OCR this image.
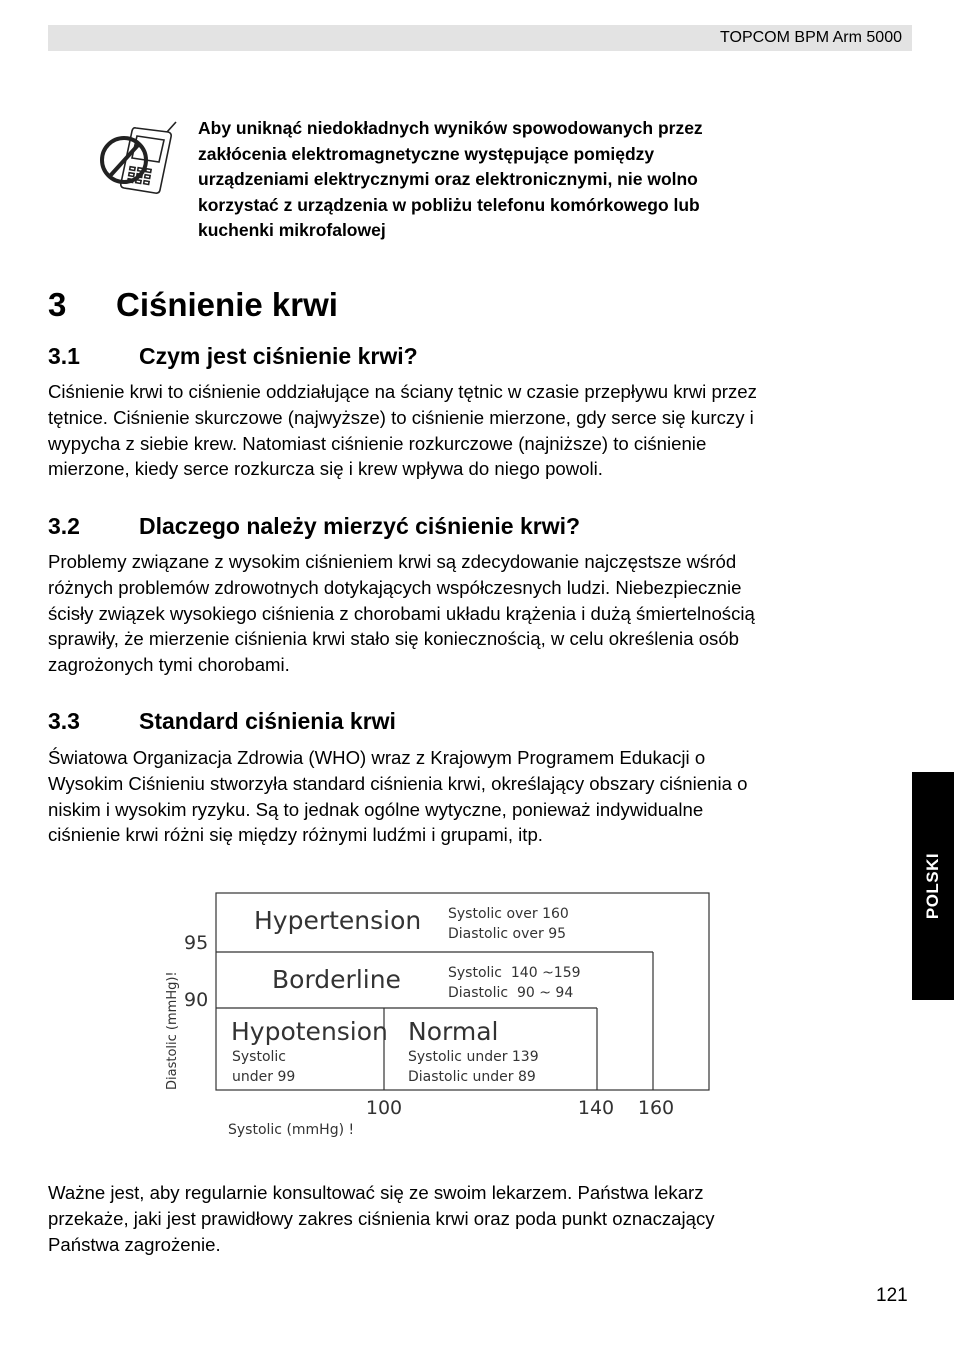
TOPCOM BPM Arm 5000
Aby uniknąć niedokładnych wyników spowodowanych przez
zakłócenia elektromagnetyczne występujące pomiędzy
urządzeniami elektrycznymi oraz elektronicznymi, nie wolno
korzystać z urządzenia w pobliżu telefonu komórkowego lub
kuchenki mikrofalowej
3 Ciśnienie krwi
3.1	Czym jest ciśnienie krwi?
Ciśnienie krwi to ciśnienie oddziałujące na ściany tętnic w czasie przepływu krwi przez
tętnice. Ciśnienie skurczowe (najwyższe) to ciśnienie mierzone, gdy serce się kurczy i
wypycha z siebie krew. Natomiast ciśnienie rozkurczowe (najniższe) to ciśnienie
mierzone, kiedy serce rozkurcza się i krew wpływa do niego powoli.
3.2	Dlaczego należy mierzyć ciśnienie krwi?
Problemy związane z wysokim ciśnieniem krwi są zdecydowanie najczęstsze wśród
różnych problemów zdrowotnych dotykających współczesnych ludzi. Niebezpiecznie
ścisły związek wysokiego ciśnienia z chorobami układu krążenia i dużą śmiertelnością
sprawiły, że mierzenie ciśnienia krwi stało się koniecznością, w celu określenia osób
zagrożonych tymi chorobami.
3.3	Standard ciśnienia krwi
Światowa Organizacja Zdrowia (WHO) wraz z Krajowym Programem Edukacji o
Wysokim Ciśnieniu stworzyła standard ciśnienia krwi, określający obszary ciśnienia o
niskim i wysokim ryzyku. Są to jednak ogólne wytyczne, ponieważ indywidualne
ciśnienie krwi różni się między różnymi ludźmi i grupami, itp.
95
90
Diastolic (mmHg)!
100	140 160
Systolic (mmHg) !
Hypertension Systolic over 160
Diastolic over 95
Borderline	Systolic  140 ~159
Diastolic  90 ~ 94
Hypotension
Systolic
under 99
Normal
Systolic under 139
Diastolic under 89
Ważne jest, aby regularnie konsultować się ze swoim lekarzem. Państwa lekarz
przekaże, jaki jest prawidłowy zakres ciśnienia krwi oraz poda punkt oznaczający
Państwa zagrożenie.
POLSKI
121
